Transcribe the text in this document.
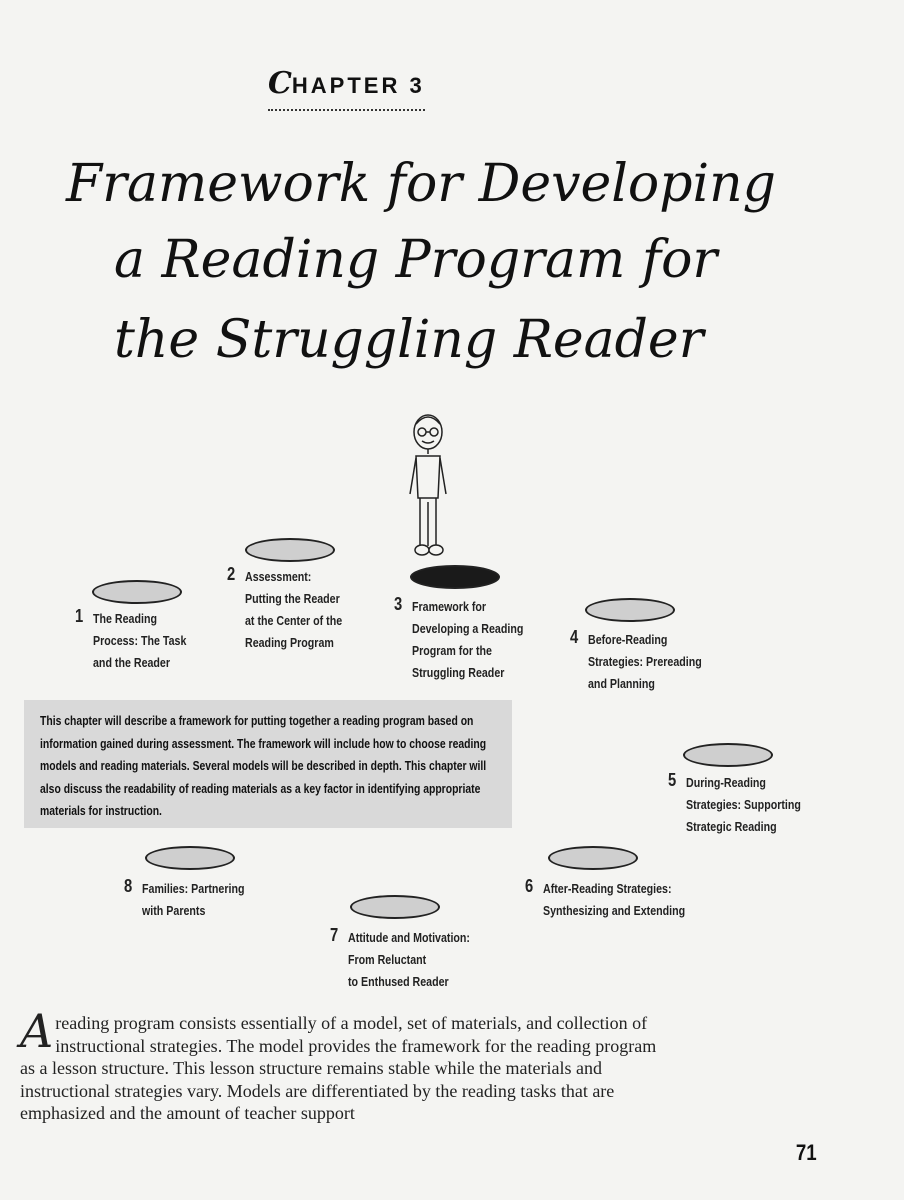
CHAPTER 3
Framework for Developing
a Reading Program for
the Struggling Reader
1 The Reading
Process: The Task
and the Reader
2 Assessment:
Putting the Reader
at the Center of the
Reading Program
3 Framework for
Developing a Reading
Program for the
Struggling Reader
4 Before-Reading
Strategies: Prereading
and Planning
5 During-Reading
Strategies: Supporting
Strategic Reading
6 After-Reading Strategies:
Synthesizing and Extending
7 Attitude and Motivation:
From Reluctant
to Enthused Reader
8 Families: Partnering
with Parents
This chapter will describe a framework for putting together a reading program based on information gained during assessment. The framework will include how to choose reading models and reading materials. Several models will be described in depth. This chapter will also discuss the readability of reading materials as a key factor in identifying appropriate materials for instruction.
A reading program consists essentially of a model, set of materials, and collection of instructional strategies. The model provides the framework for the reading program as a lesson structure. This lesson structure remains stable while the materials and instructional strategies vary. Models are differentiated by the reading tasks that are emphasized and the amount of teacher support
71
